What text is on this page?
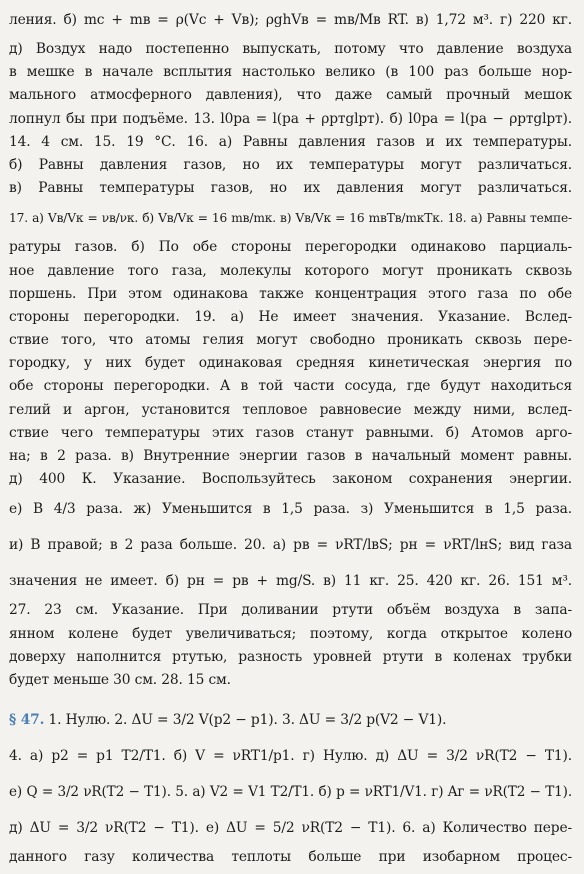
ления. б) mс + mв = ρ(Vс + Vв); ρghVв = mв/Mв RT. в) 1,72 м³. г) 220 кг.
д) Воздух надо постепенно выпускать, потому что давление воздуха
в мешке в начале всплытия настолько велико (в 100 раз больше нор-
мального атмосферного давления), что даже самый прочный мешок
лопнул бы при подъёме. 13. l0pа = l(pа + ρртglрт). б) l0pа = l(pа − ρртglрт).
14. 4 см. 15. 19 °С. 16. а) Равны давления газов и их температуры.
б) Равны давления газов, но их температуры могут различаться.
в) Равны температуры газов, но их давления могут различаться.
17. а) Vв/Vк = νв/νк. б) Vв/Vк = 16 mв/mк. в) Vв/Vк = 16 mвTв/mкTк. 18. а) Равны темпе-
ратуры газов. б) По обе стороны перегородки одинаково парциаль-
ное давление того газа, молекулы которого могут проникать сквозь
поршень. При этом одинакова также концентрация этого газа по обе
стороны перегородки. 19. а) Не имеет значения. Указание. Вслед-
ствие того, что атомы гелия могут свободно проникать сквозь пере-
городку, у них будет одинаковая средняя кинетическая энергия по
обе стороны перегородки. А в той части сосуда, где будут находиться
гелий и аргон, установится тепловое равновесие между ними, вслед-
ствие чего температуры этих газов станут равными. б) Атомов арго-
на; в 2 раза. в) Внутренние энергии газов в начальный момент равны.
д) 400 К. Указание. Воспользуйтесь законом сохранения энергии.
е) В 4/3 раза. ж) Уменьшится в 1,5 раза. з) Уменьшится в 1,5 раза.
и) В правой; в 2 раза больше. 20. а) pв = νRT/lвS; pн = νRT/lнS; вид газа
значения не имеет. б) pн = pв + mg/S. в) 11 кг. 25. 420 кг. 26. 151 м³.
27. 23 см. Указание. При доливании ртути объём воздуха в запа-
янном колене будет увеличиваться; поэтому, когда открытое колено
доверху наполнится ртутью, разность уровней ртути в коленах трубки
будет меньше 30 см. 28. 15 см.
§ 47. 1. Нулю. 2. ΔU = 3/2 V(p2 − p1). 3. ΔU = 3/2 p(V2 − V1).
4. а) p2 = p1 T2/T1. б) V = νRT1/p1. г) Нулю. д) ΔU = 3/2 νR(T2 − T1).
е) Q = 3/2 νR(T2 − T1). 5. а) V2 = V1 T2/T1. б) p = νRT1/V1. г) Aг = νR(T2 − T1).
д) ΔU = 3/2 νR(T2 − T1). е) ΔU = 5/2 νR(T2 − T1). 6. а) Количество пере-
данного газу количества теплоты больше при изобарном процес-
